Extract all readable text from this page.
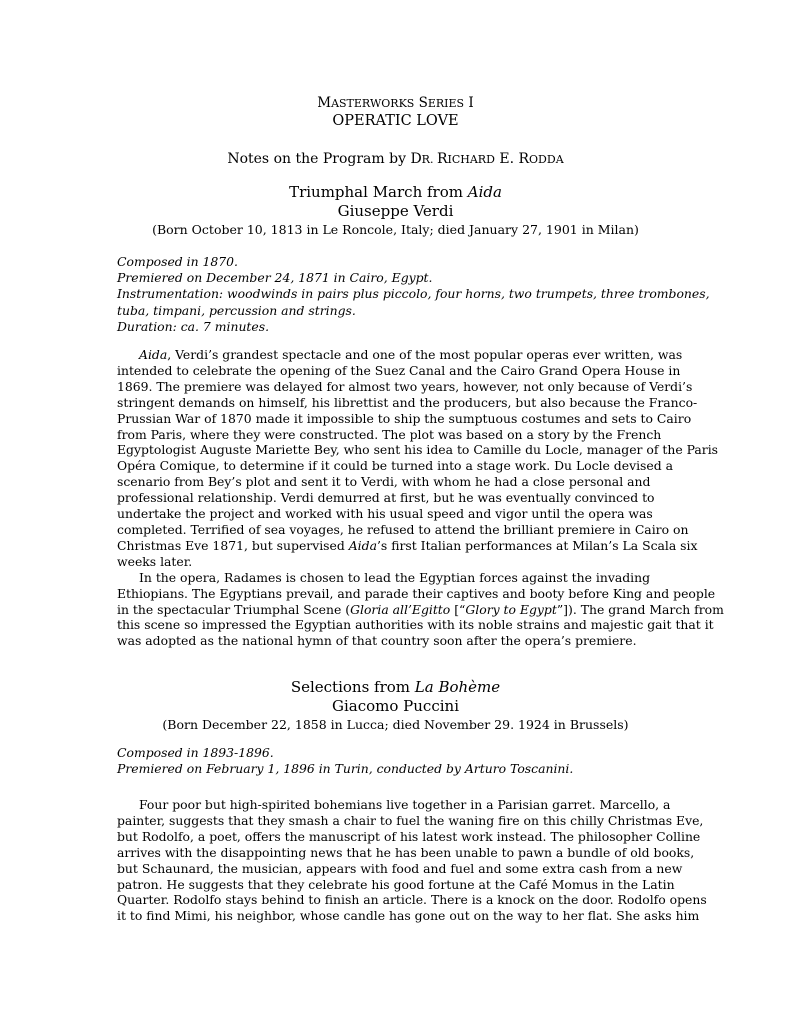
MASTERWORKS SERIES I
OPERATIC LOVE
Notes on the Program by DR. RICHARD E. RODDA
Triumphal March from Aida
Giuseppe Verdi
(Born October 10, 1813 in Le Roncole, Italy; died January 27, 1901 in Milan)
Composed in 1870.
Premiered on December 24, 1871 in Cairo, Egypt.
Instrumentation: woodwinds in pairs plus piccolo, four horns, two trumpets, three trombones,
tuba, timpani, percussion and strings.
Duration: ca. 7 minutes.
Aida, Verdi’s grandest spectacle and one of the most popular operas ever written, was
intended to celebrate the opening of the Suez Canal and the Cairo Grand Opera House in
1869. The premiere was delayed for almost two years, however, not only because of Verdi’s
stringent demands on himself, his librettist and the producers, but also because the Franco-
Prussian War of 1870 made it impossible to ship the sumptuous costumes and sets to Cairo
from Paris, where they were constructed. The plot was based on a story by the French
Egyptologist Auguste Mariette Bey, who sent his idea to Camille du Locle, manager of the Paris
Opéra Comique, to determine if it could be turned into a stage work. Du Locle devised a
scenario from Bey’s plot and sent it to Verdi, with whom he had a close personal and
professional relationship. Verdi demurred at first, but he was eventually convinced to
undertake the project and worked with his usual speed and vigor until the opera was
completed. Terrified of sea voyages, he refused to attend the brilliant premiere in Cairo on
Christmas Eve 1871, but supervised Aida’s first Italian performances at Milan’s La Scala six
weeks later.
In the opera, Radames is chosen to lead the Egyptian forces against the invading
Ethiopians. The Egyptians prevail, and parade their captives and booty before King and people
in the spectacular Triumphal Scene (Gloria all’Egitto [“Glory to Egypt”]). The grand March from
this scene so impressed the Egyptian authorities with its noble strains and majestic gait that it
was adopted as the national hymn of that country soon after the opera’s premiere.
Selections from La Bohème
Giacomo Puccini
(Born December 22, 1858 in Lucca; died November 29. 1924 in Brussels)
Composed in 1893-1896.
Premiered on February 1, 1896 in Turin, conducted by Arturo Toscanini.
Four poor but high-spirited bohemians live together in a Parisian garret. Marcello, a
painter, suggests that they smash a chair to fuel the waning fire on this chilly Christmas Eve,
but Rodolfo, a poet, offers the manuscript of his latest work instead. The philosopher Colline
arrives with the disappointing news that he has been unable to pawn a bundle of old books,
but Schaunard, the musician, appears with food and fuel and some extra cash from a new
patron. He suggests that they celebrate his good fortune at the Café Momus in the Latin
Quarter. Rodolfo stays behind to finish an article. There is a knock on the door. Rodolfo opens
it to find Mimi, his neighbor, whose candle has gone out on the way to her flat. She asks him
